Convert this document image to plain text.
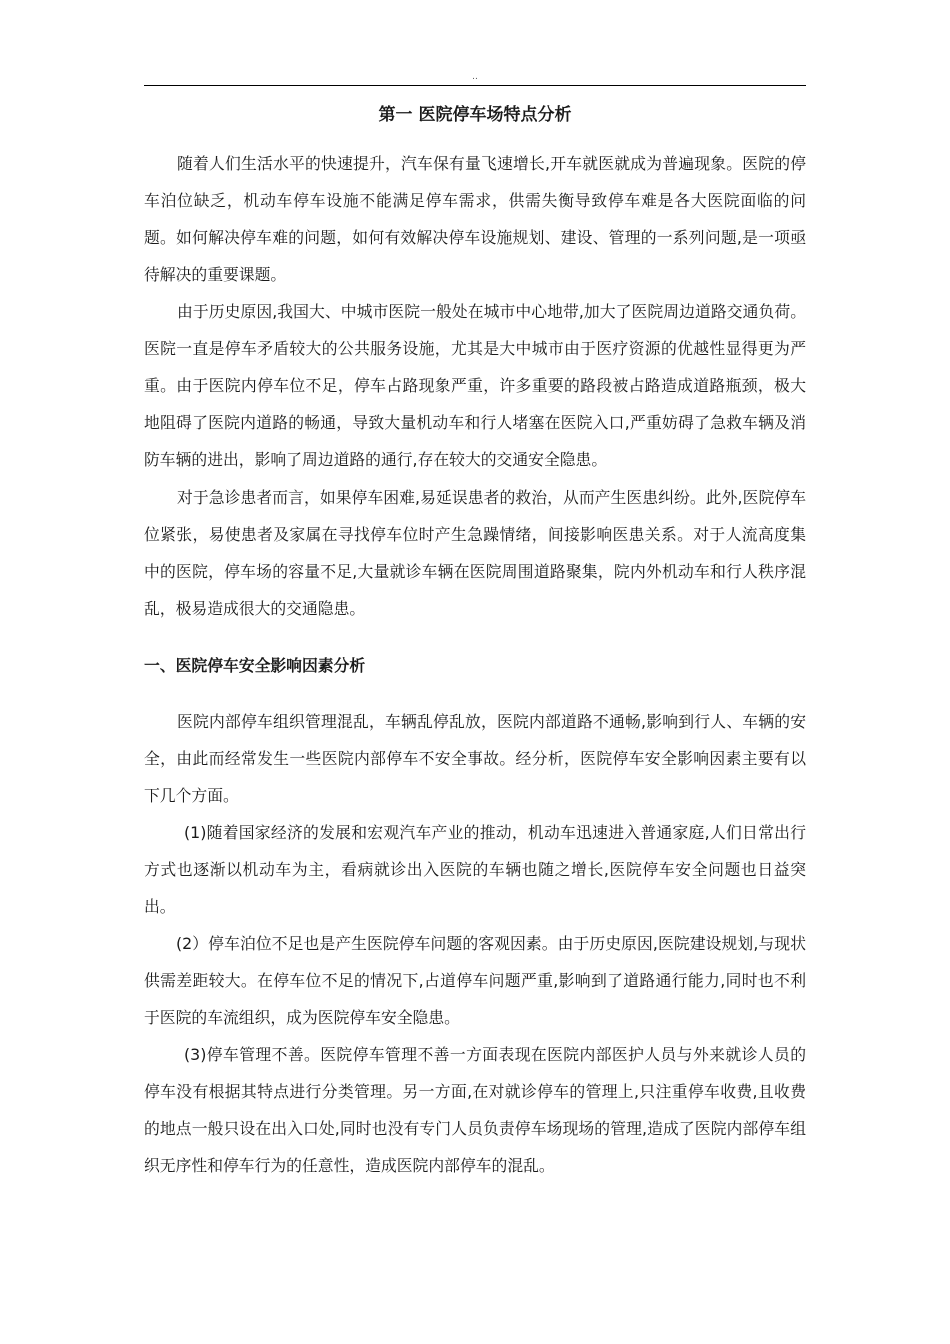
..
第一 医院停车场特点分析

随着人们生活水平的快速提升，汽车保有量飞速增长,开车就医就成为普遍现象。医院的停车泊位缺乏，机动车停车设施不能满足停车需求，供需失衡导致停车难是各大医院面临的问题。如何解决停车难的问题，如何有效解决停车设施规划、建设、管理的一系列问题,是一项亟待解决的重要课题。

由于历史原因,我国大、中城市医院一般处在城市中心地带,加大了医院周边道路交通负荷。医院一直是停车矛盾较大的公共服务设施，尤其是大中城市由于医疗资源的优越性显得更为严重。由于医院内停车位不足，停车占路现象严重，许多重要的路段被占路造成道路瓶颈，极大地阻碍了医院内道路的畅通，导致大量机动车和行人堵塞在医院入口,严重妨碍了急救车辆及消防车辆的进出，影响了周边道路的通行,存在较大的交通安全隐患。

对于急诊患者而言，如果停车困难,易延误患者的救治，从而产生医患纠纷。此外,医院停车位紧张，易使患者及家属在寻找停车位时产生急躁情绪，间接影响医患关系。对于人流高度集中的医院，停车场的容量不足,大量就诊车辆在医院周围道路聚集，院内外机动车和行人秩序混乱，极易造成很大的交通隐患。

一、医院停车安全影响因素分析

医院内部停车组织管理混乱，车辆乱停乱放，医院内部道路不通畅,影响到行人、车辆的安全，由此而经常发生一些医院内部停车不安全事故。经分析，医院停车安全影响因素主要有以下几个方面。

(1)随着国家经济的发展和宏观汽车产业的推动，机动车迅速进入普通家庭,人们日常出行方式也逐渐以机动车为主，看病就诊出入医院的车辆也随之增长,医院停车安全问题也日益突出。

(2）停车泊位不足也是产生医院停车问题的客观因素。由于历史原因,医院建设规划,与现状供需差距较大。在停车位不足的情况下,占道停车问题严重,影响到了道路通行能力,同时也不利于医院的车流组织，成为医院停车安全隐患。

(3)停车管理不善。医院停车管理不善一方面表现在医院内部医护人员与外来就诊人员的停车没有根据其特点进行分类管理。另一方面,在对就诊停车的管理上,只注重停车收费,且收费的地点一般只设在出入口处,同时也没有专门人员负责停车场现场的管理,造成了医院内部停车组织无序性和停车行为的任意性，造成医院内部停车的混乱。
